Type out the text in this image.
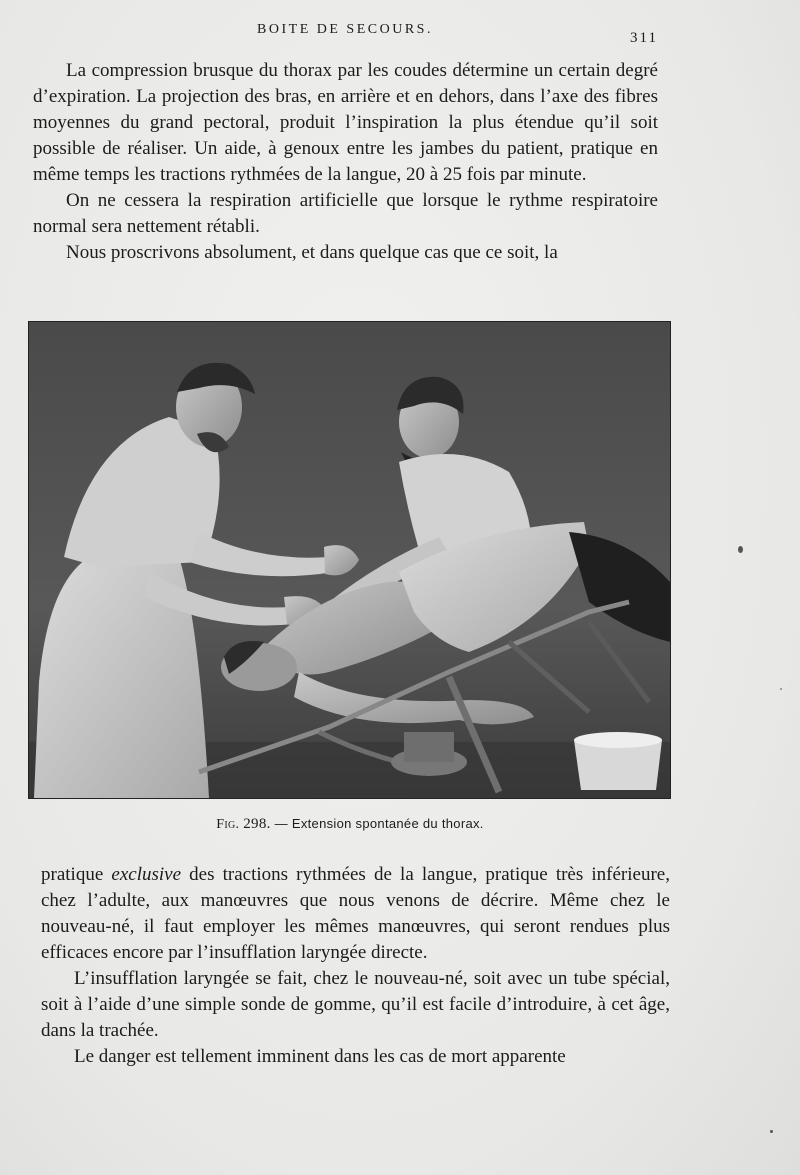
BOITE DE SECOURS.
311

La compression brusque du thorax par les coudes détermine un certain degré d’expiration. La projection des bras, en arrière et en dehors, dans l’axe des fibres moyennes du grand pectoral, produit l’inspiration la plus étendue qu’il soit possible de réaliser. Un aide, à genoux entre les jambes du patient, pratique en même temps les tractions rythmées de la langue, 20 à 25 fois par minute.

On ne cessera la respiration artificielle que lorsque le rythme respiratoire normal sera nettement rétabli.

Nous proscrivons absolument, et dans quelque cas que ce soit, la

Fig. 298. — Extension spontanée du thorax.

pratique exclusive des tractions rythmées de la langue, pratique très inférieure, chez l’adulte, aux manœuvres que nous venons de décrire. Même chez le nouveau-né, il faut employer les mêmes manœuvres, qui seront rendues plus efficaces encore par l’insufflation laryngée directe.

L’insufflation laryngée se fait, chez le nouveau-né, soit avec un tube spécial, soit à l’aide d’une simple sonde de gomme, qu’il est facile d’introduire, à cet âge, dans la trachée.

Le danger est tellement imminent dans les cas de mort apparente
